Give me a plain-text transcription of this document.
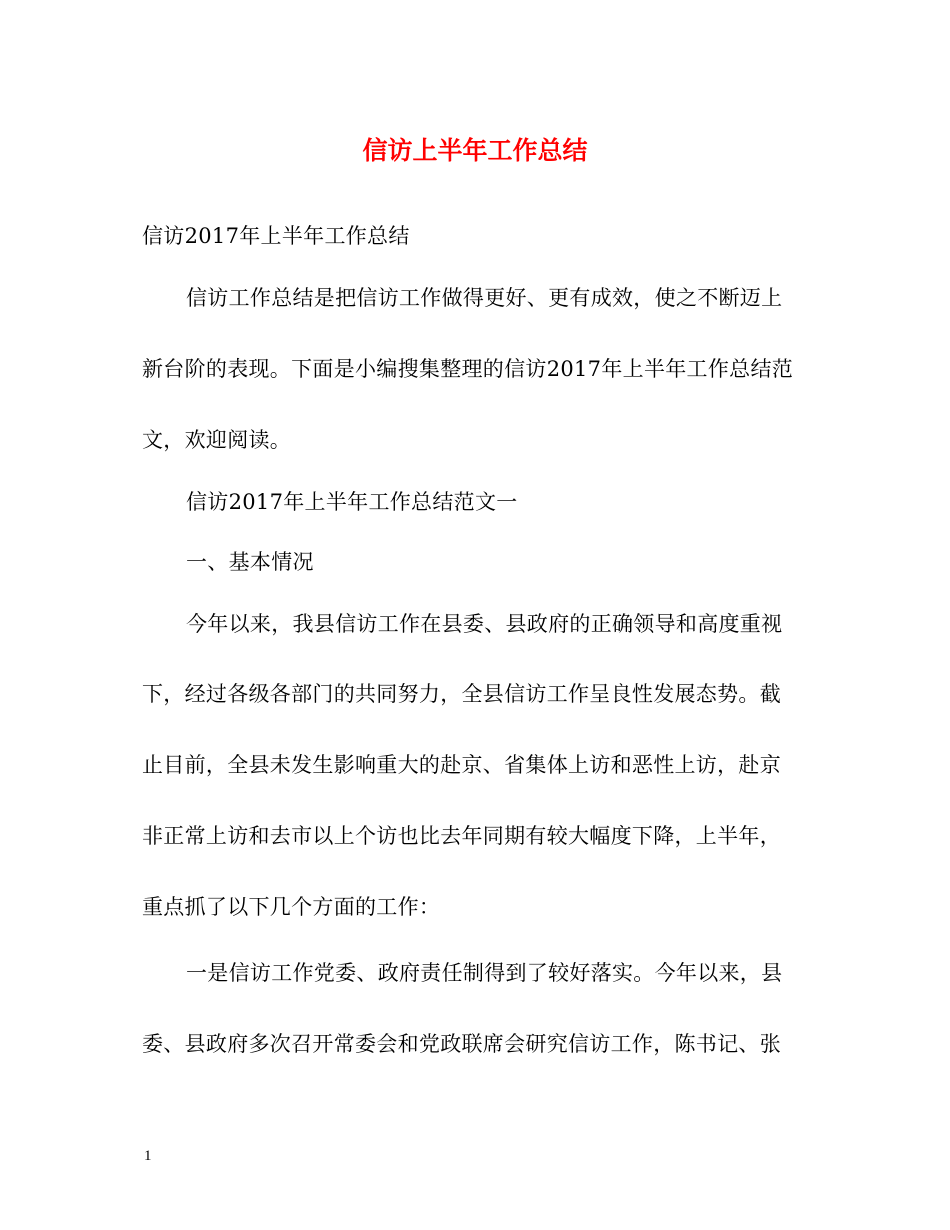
信访上半年工作总结
信访2017年上半年工作总结
信访工作总结是把信访工作做得更好、更有成效，使之不断迈上
新台阶的表现。下面是小编搜集整理的信访2017年上半年工作总结范
文，欢迎阅读。
信访2017年上半年工作总结范文一
一、基本情况
今年以来，我县信访工作在县委、县政府的正确领导和高度重视
下，经过各级各部门的共同努力，全县信访工作呈良性发展态势。截
止目前，全县未发生影响重大的赴京、省集体上访和恶性上访，赴京
非正常上访和去市以上个访也比去年同期有较大幅度下降，上半年，
重点抓了以下几个方面的工作：
一是信访工作党委、政府责任制得到了较好落实。今年以来，县
委、县政府多次召开常委会和党政联席会研究信访工作，陈书记、张
1
